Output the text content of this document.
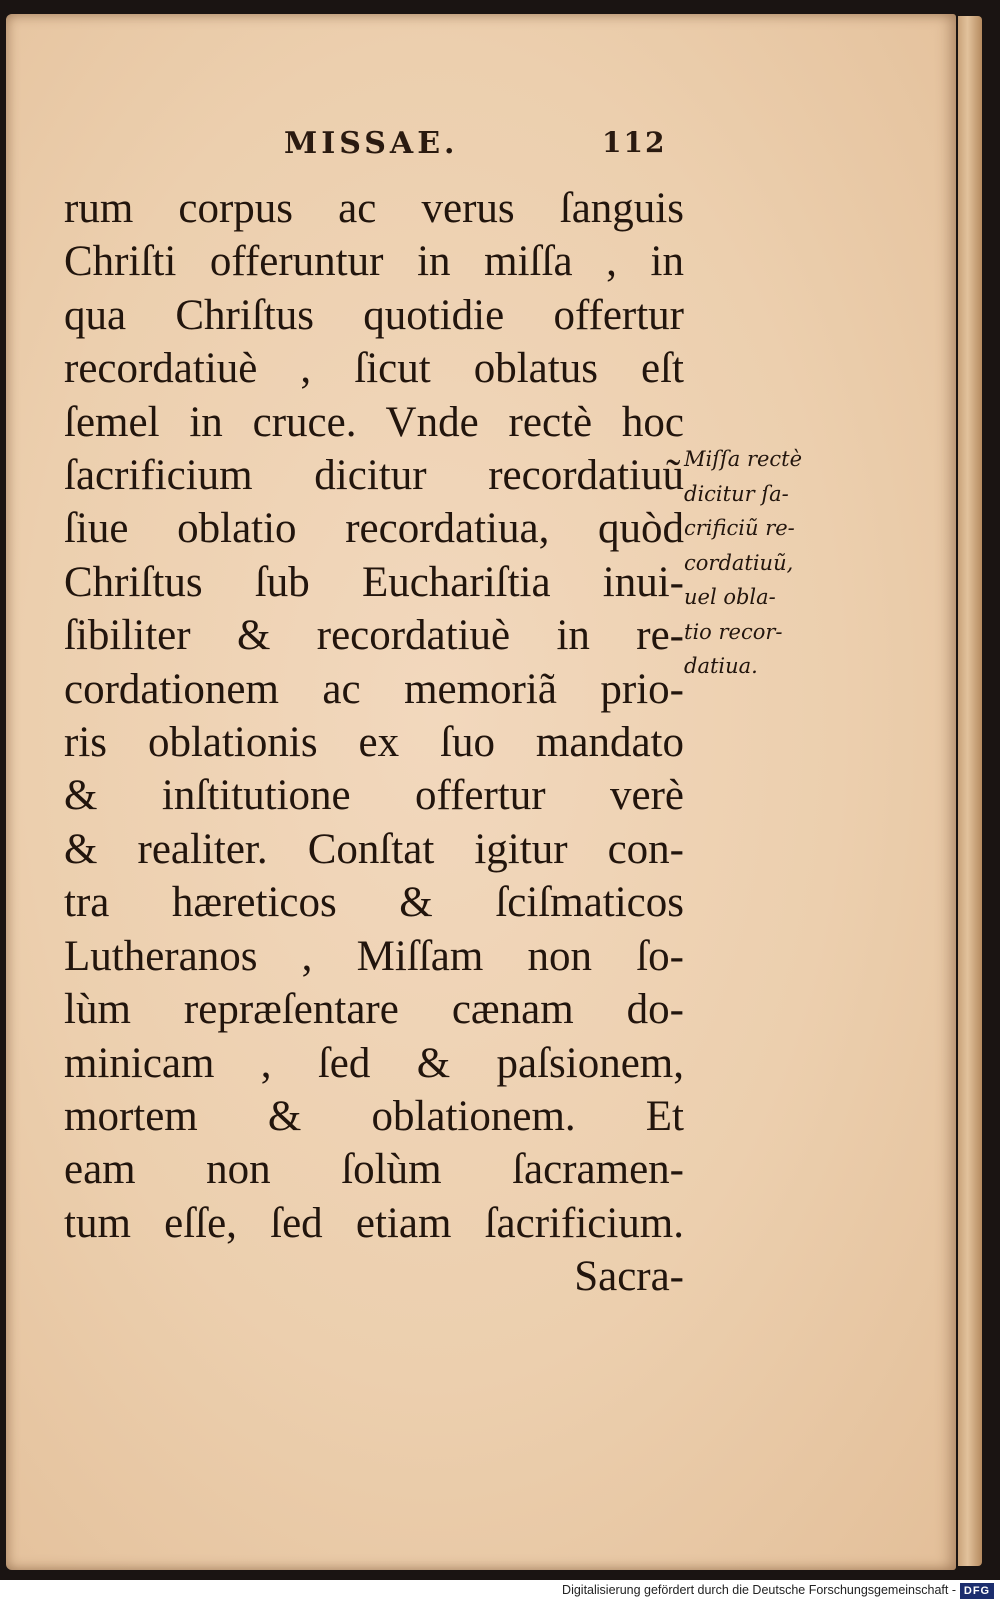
MISSAE.	112
rum corpus ac verus ſanguis
Chriſti offeruntur in miſſa , in
qua Chriſtus quotidie offertur
recordatiuè , ſicut oblatus eſt
ſemel in cruce. Vnde rectè hoc
ſacrificium dicitur recordatiuũ
ſiue oblatio recordatiua, quòd
Chriſtus ſub Euchariſtia inui-
ſibiliter & recordatiuè in re-
cordationem ac memoriã prio-
ris oblationis ex ſuo mandato
& inſtitutione offertur verè
& realiter. Conſtat igitur con-
tra hæreticos & ſciſmaticos
Lutheranos , Miſſam non ſo-
lùm repræſentare cænam do-
minicam , ſed & paſsionem,
mortem & oblationem. Et
eam non ſolùm ſacramen-
tum eſſe, ſed etiam ſacrificium.
Sacra-
Miſſa rectè
dicitur ſa-
crificiũ re-
cordatiuũ,
uel obla-
tio recor-
datiua.
Digitalisierung gefördert durch die Deutsche Forschungsgemeinschaft - DFG
